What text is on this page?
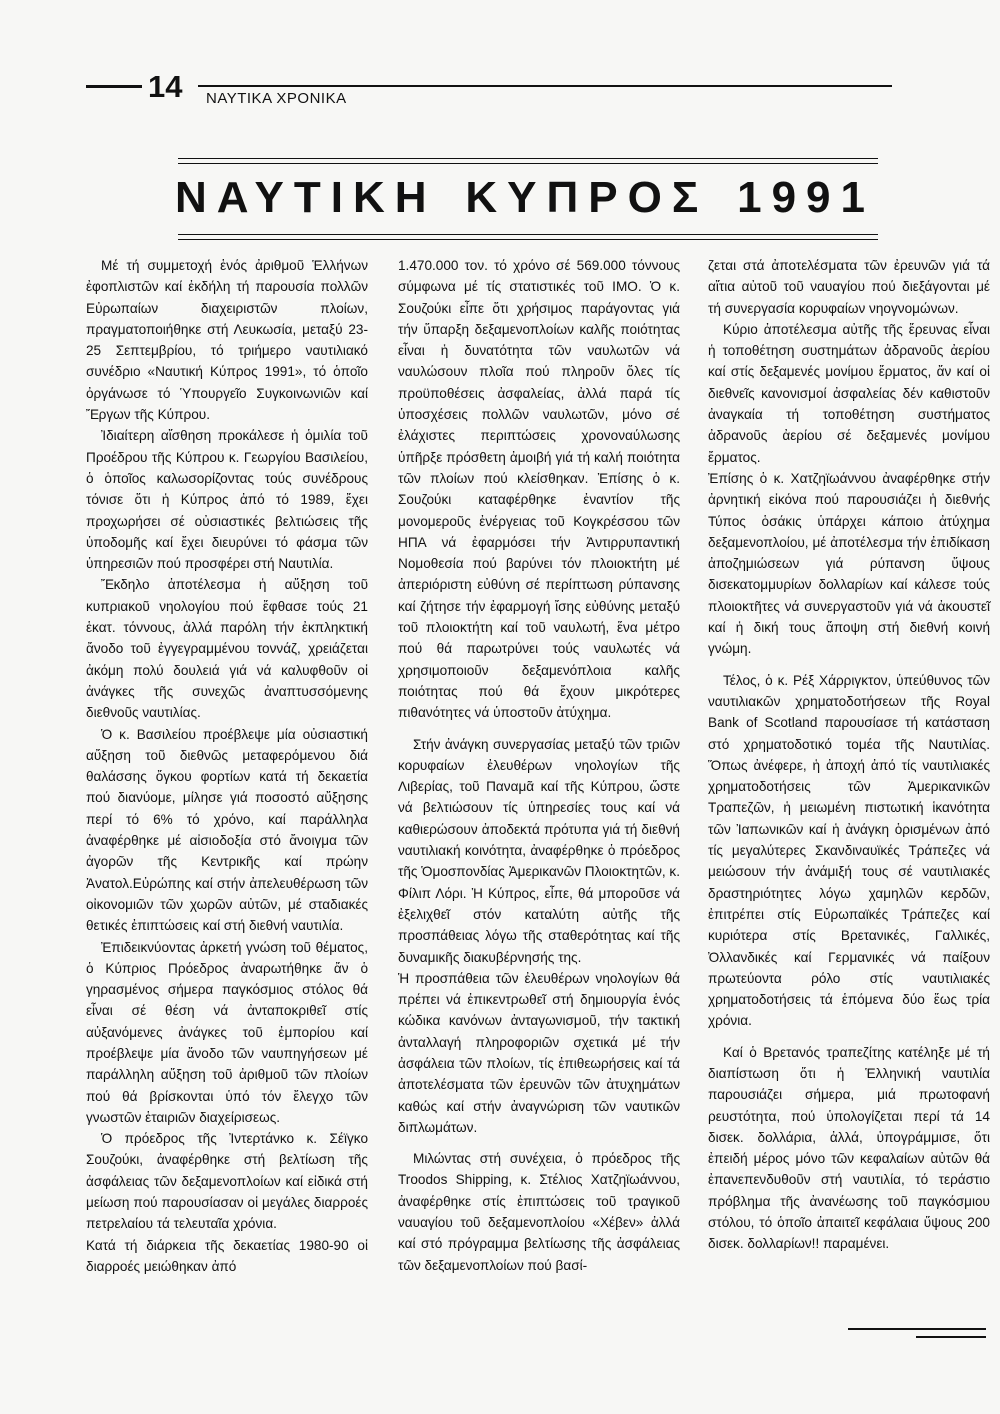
14 ΝΑΥΤΙΚΑ ΧΡΟΝΙΚΑ
ΝΑΥΤΙΚΗ ΚΥΠΡΟΣ 1991

Μέ τή συμμετοχή ἑνός ἀριθμοῦ Ἑλλήνων ἐφοπλιστῶν καί ἐκδήλη τή παρουσία πολλῶν Εὐρωπαίων διαχειριστῶν πλοίων, πραγματοποιήθηκε στή Λευκωσία, μεταξύ 23-25 Σεπτεμβρίου, τό τριήμερο ναυτιλιακό συνέδριο «Ναυτική Κύπρος 1991», τό ὁποῖο ὀργάνωσε τό Ὑπουργεῖο Συγκοινωνιῶν καί Ἔργων τῆς Κύπρου.

Ἰδιαίτερη αἴσθηση προκάλεσε ἡ ὁμιλία τοῦ Προέδρου τῆς Κύπρου κ. Γεωργίου Βασιλείου, ὁ ὁποῖος καλωσορίζοντας τούς συνέδρους τόνισε ὅτι ἡ Κύπρος ἀπό τό 1989, ἔχει προχωρήσει σέ οὐσιαστικές βελτιώσεις τῆς ὑποδομῆς καί ἔχει διευρύνει τό φάσμα τῶν ὑπηρεσιῶν πού προσφέρει στή Ναυτιλία.

Ἔκδηλο ἀποτέλεσμα ἡ αὔξηση τοῦ κυπριακοῦ νηολογίου πού ἔφθασε τούς 21 ἑκατ. τόννους, ἀλλά παρόλη τήν ἐκπληκτική ἄνοδο τοῦ ἐγγεγραμμένου τοννάζ, χρειάζεται ἀκόμη πολύ δουλειά γιά νά καλυφθοῦν οἱ ἀνάγκες τῆς συνεχῶς ἀναπτυσσόμενης διεθνοῦς ναυτιλίας.

Ὁ κ. Βασιλείου προέβλεψε μία οὐσιαστική αὔξηση τοῦ διεθνῶς μεταφερόμενου διά θαλάσσης ὄγκου φορτίων κατά τή δεκαετία πού διανύομε, μίλησε γιά ποσοστό αὔξησης περί τό 6% τό χρόνο, καί παράλληλα ἀναφέρθηκε μέ αἰσιοδοξία στό ἄνοιγμα τῶν ἀγορῶν τῆς Κεντρικῆς καί πρώην Ἀνατολ.Εὐρώπης καί στήν ἀπελευθέρωση τῶν οἰκονομιῶν τῶν χωρῶν αὐτῶν, μέ σταδιακές θετικές ἐπιπτώσεις καί στή διεθνή ναυτιλία.

Ἐπιδεικνύοντας ἀρκετή γνώση τοῦ θέματος, ὁ Κύπριος Πρόεδρος ἀναρωτήθηκε ἄν ὁ γηρασμένος σήμερα παγκόσμιος στόλος θά εἶναι σέ θέση νά ἀνταποκριθεῖ στίς αὐξανόμενες ἀνάγκες τοῦ ἐμπορίου καί προέβλεψε μία ἄνοδο τῶν ναυπηγήσεων μέ παράλληλη αὔξηση τοῦ ἀριθμοῦ τῶν πλοίων πού θά βρίσκονται ὑπό τόν ἔλεγχο τῶν γνωστῶν ἑταιριῶν διαχείρισεως.

Ὁ πρόεδρος τῆς Ἰντερτάνκο κ. Σέϊγκο Σουζούκι, ἀναφέρθηκε στή βελτίωση τῆς ἀσφάλειας τῶν δεξαμενοπλοίων καί εἰδικά στή μείωση πού παρουσίασαν οἱ μεγάλες διαρροές πετρελαίου τά τελευταῖα χρόνια.

Κατά τή διάρκεια τῆς δεκαετίας 1980-90 οἱ διαρροές μειώθηκαν ἀπό

1.470.000 τον. τό χρόνο σέ 569.000 τόννους σύμφωνα μέ τίς στατιστικές τοῦ ΙΜΟ. Ὁ κ. Σουζούκι εἶπε ὅτι χρήσιμος παράγοντας γιά τήν ὕπαρξη δεξαμενοπλοίων καλῆς ποιότητας εἶναι ἡ δυνατότητα τῶν ναυλωτῶν νά ναυλώσουν πλοῖα πού πληροῦν ὅλες τίς προϋποθέσεις ἀσφαλείας, ἀλλά παρά τίς ὑποσχέσεις πολλῶν ναυλωτῶν, μόνο σέ ἐλάχιστες περιπτώσεις χρονοναύλωσης ὑπῆρξε πρόσθετη ἀμοιβή γιά τή καλή ποιότητα τῶν πλοίων πού κλείσθηκαν. Ἐπίσης ὁ κ. Σουζούκι καταφέρθηκε ἐναντίον τῆς μονομεροῦς ἐνέργειας τοῦ Κογκρέσσου τῶν ΗΠΑ νά ἐφαρμόσει τήν Ἀντιρρυπαντική Νομοθεσία πού βαρύνει τόν πλοιοκτήτη μέ ἀπεριόριστη εὐθύνη σέ περίπτωση ρύπανσης καί ζήτησε τήν ἐφαρμογή ἴσης εὐθύνης μεταξύ τοῦ πλοιοκτήτη καί τοῦ ναυλωτή, ἕνα μέτρο πού θά παρωτρύνει τούς ναυλωτές νά χρησιμοποιοῦν δεξαμενόπλοια καλῆς ποιότητας πού θά ἔχουν μικρότερες πιθανότητες νά ὑποστοῦν ἀτύχημα.

Στήν ἀνάγκη συνεργασίας μεταξύ τῶν τριῶν κορυφαίων ἐλευθέρων νηολογίων τῆς Λιβερίας, τοῦ Παναμᾶ καί τῆς Κύπρου, ὥστε νά βελτιώσουν τίς ὑπηρεσίες τους καί νά καθιερώσουν ἀποδεκτά πρότυπα γιά τή διεθνή ναυτιλιακή κοινότητα, ἀναφέρθηκε ὁ πρόεδρος τῆς Ὁμοσπονδίας Ἀμερικανῶν Πλοιοκτητῶν, κ. Φίλιπ Λόρι. Ἡ Κύπρος, εἶπε, θά μποροῦσε νά ἐξελιχθεῖ στόν καταλύτη αὐτῆς τῆς προσπάθειας λόγω τῆς σταθερότητας καί τῆς δυναμικῆς διακυβέρνησής της.

Ἡ προσπάθεια τῶν ἐλευθέρων νηολογίων θά πρέπει νά ἐπικεντρωθεῖ στή δημιουργία ἑνός κώδικα κανόνων ἀνταγωνισμοῦ, τήν τακτική ἀνταλλαγή πληροφοριῶν σχετικά μέ τήν ἀσφάλεια τῶν πλοίων, τίς ἐπιθεωρήσεις καί τά ἀποτελέσματα τῶν ἐρευνῶν τῶν ἀτυχημάτων καθώς καί στήν ἀναγνώριση τῶν ναυτικῶν διπλωμάτων.

Μιλώντας στή συνέχεια, ὁ πρόεδρος τῆς Troodos Shipping, κ. Στέλιος Χατζηϊωάννου, ἀναφέρθηκε στίς ἐπιπτώσεις τοῦ τραγικοῦ ναυαγίου τοῦ δεξαμενοπλοίου «Χέβεν» ἀλλά καί στό πρόγραμμα βελτίωσης τῆς ἀσφάλειας τῶν δεξαμενοπλοίων πού βασί-

ζεται στά ἀποτελέσματα τῶν ἐρευνῶν γιά τά αἴτια αὐτοῦ τοῦ ναυαγίου πού διεξάγονται μέ τή συνεργασία κορυφαίων νηογνομώνων.

Κύριο ἀποτέλεσμα αὐτῆς τῆς ἔρευνας εἶναι ἡ τοποθέτηση συστημάτων ἀδρανοῦς ἀερίου καί στίς δεξαμενές μονίμου ἔρματος, ἄν καί οἱ διεθνεῖς κανονισμοί ἀσφαλείας δέν καθιστοῦν ἀναγκαία τή τοποθέτηση συστήματος ἀδρανοῦς ἀερίου σέ δεξαμενές μονίμου ἔρματος.

Ἐπίσης ὁ κ. Χατζηϊωάννου ἀναφέρθηκε στήν ἀρνητική εἰκόνα πού παρουσιάζει ἡ διεθνής Τύπος ὁσάκις ὑπάρχει κάποιο ἀτύχημα δεξαμενοπλοίου, μέ ἀποτέλεσμα τήν ἐπιδίκαση ἀποζημιώσεων γιά ρύπανση ὕψους δισεκατομμυρίων δολλαρίων καί κάλεσε τούς πλοιοκτῆτες νά συνεργαστοῦν γιά νά ἀκουστεῖ καί ἡ δική τους ἄποψη στή διεθνή κοινή γνώμη.

Τέλος, ὁ κ. Ρέξ Χάρριγκτον, ὑπεύθυνος τῶν ναυτιλιακῶν χρηματοδοτήσεων τῆς Royal Bank of Scotland παρουσίασε τή κατάσταση στό χρηματοδοτικό τομέα τῆς Ναυτιλίας. Ὅπως ἀνέφερε, ἡ ἀποχή ἀπό τίς ναυτιλιακές χρηματοδοτήσεις τῶν Ἀμερικανικῶν Τραπεζῶν, ἡ μειωμένη πιστωτική ἱκανότητα τῶν Ἰαπωνικῶν καί ἡ ἀνάγκη ὁρισμένων ἀπό τίς μεγαλύτερες Σκανδιναυϊκές Τράπεζες νά μειώσουν τήν ἀνάμιξή τους σέ ναυτιλιακές δραστηριότητες λόγω χαμηλῶν κερδῶν, ἐπιτρέπει στίς Εὐρωπαϊκές Τράπεζες καί κυριότερα στίς Βρετανικές, Γαλλικές, Ὀλλανδικές καί Γερμανικές νά παίξουν πρωτεύοντα ρόλο στίς ναυτιλιακές χρηματοδοτήσεις τά ἑπόμενα δύο ἕως τρία χρόνια.

Καί ὁ Βρετανός τραπεζίτης κατέληξε μέ τή διαπίστωση ὅτι ἡ Ἑλληνική ναυτιλία παρουσιάζει σήμερα, μιά πρωτοφανή ρευστότητα, πού ὑπολογίζεται περί τά 14 δισεκ. δολλάρια, ἀλλά, ὑπογράμμισε, ὅτι ἐπειδή μέρος μόνο τῶν κεφαλαίων αὐτῶν θά ἐπανεπενδυθοῦν στή ναυτιλία, τό τεράστιο πρόβλημα τῆς ἀνανέωσης τοῦ παγκόσμιου στόλου, τό ὁποῖο ἀπαιτεῖ κεφάλαια ὕψους 200 δισεκ. δολλαρίων!! παραμένει.
